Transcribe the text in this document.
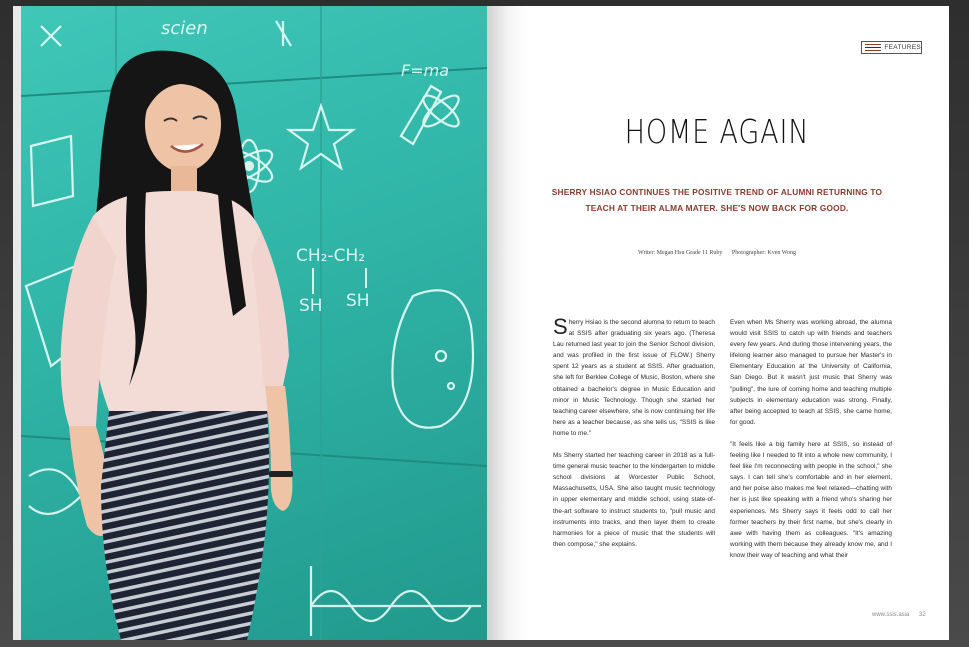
scien
F=ma
CH₂-CH₂
SH SH
FEATURES
HOME AGAIN

SHERRY HSIAO CONTINUES THE POSITIVE TREND OF ALUMNI RETURNING TO TEACH AT THEIR ALMA MATER. SHE'S NOW BACK FOR GOOD.

Writer: Megan Hsu Grade 11 Ruby Photographer: Kven Wong

Sherry Hsiao is the second alumna to return to teach at SSIS after graduating six years ago. (Theresa Lau returned last year to join the Senior School division, and was profiled in the first issue of FLOW.) Sherry spent 12 years as a student at SSIS. After graduation, she left for Berklee College of Music, Boston, where she obtained a bachelor's degree in Music Education and minor in Music Technology. Though she started her teaching career elsewhere, she is now continuing her life here as a teacher because, as she tells us, "SSIS is like home to me."

Ms Sherry started her teaching career in 2018 as a full-time general music teacher to the kindergarten to middle school divisions at Worcester Public School, Massachusetts, USA. She also taught music technology in upper elementary and middle school, using state-of-the-art software to instruct students to, "pull music and instruments into tracks, and then layer them to create harmonies for a piece of music that the students will then compose," she explains.

Even when Ms Sherry was working abroad, the alumna would visit SSIS to catch up with friends and teachers every few years. And during those intervening years, the lifelong learner also managed to pursue her Master's in Elementary Education at the University of California, San Diego. But it wasn't just music that Sherry was "pulling", the lure of coming home and teaching multiple subjects in elementary education was strong. Finally, after being accepted to teach at SSIS, she came home, for good.

"It feels like a big family here at SSIS, so instead of feeling like I needed to fit into a whole new community, I feel like I'm reconnecting with people in the school," she says. I can tell she's comfortable and in her element, and her poise also makes me feel relaxed—chatting with her is just like speaking with a friend who's sharing her experiences. Ms Sherry says it feels odd to call her former teachers by their first name, but she's clearly in awe with having them as colleagues. "It's amazing working with them because they already know me, and I know their way of teaching and what their

www.ssis.asia 32
